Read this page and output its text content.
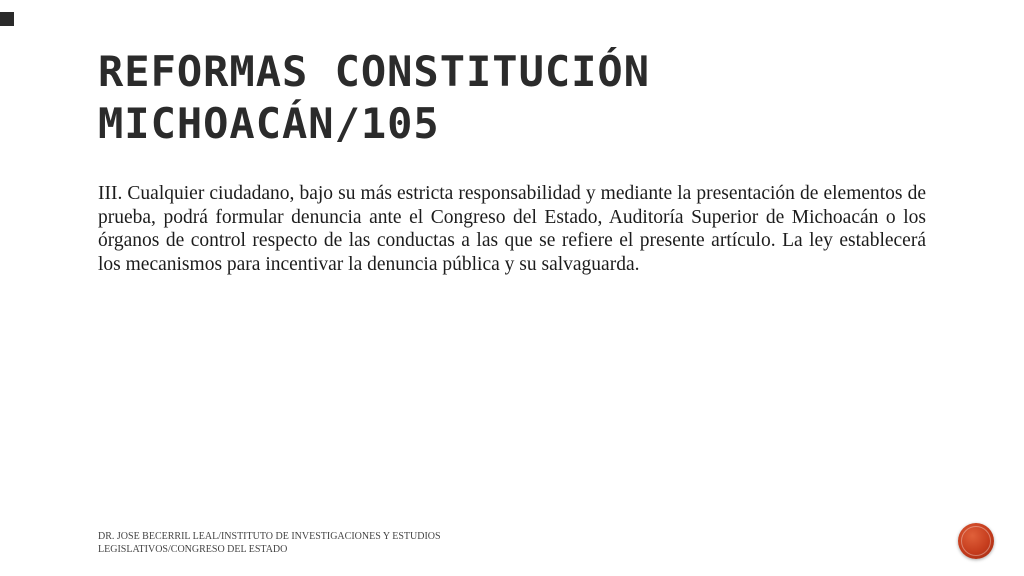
REFORMAS CONSTITUCIÓN
MICHOACÁN/105

III. Cualquier ciudadano, bajo su más estricta responsabilidad y mediante la presentación de elementos de prueba, podrá formular denuncia ante el Congreso del Estado, Auditoría Superior de Michoacán o los órganos de control respecto de las conductas a las que se refiere el presente artículo. La ley establecerá los mecanismos para incentivar la denuncia pública y su salvaguarda.

DR. JOSE BECERRIL LEAL/INSTITUTO DE INVESTIGACIONES Y ESTUDIOS LEGISLATIVOS/CONGRESO DEL ESTADO
